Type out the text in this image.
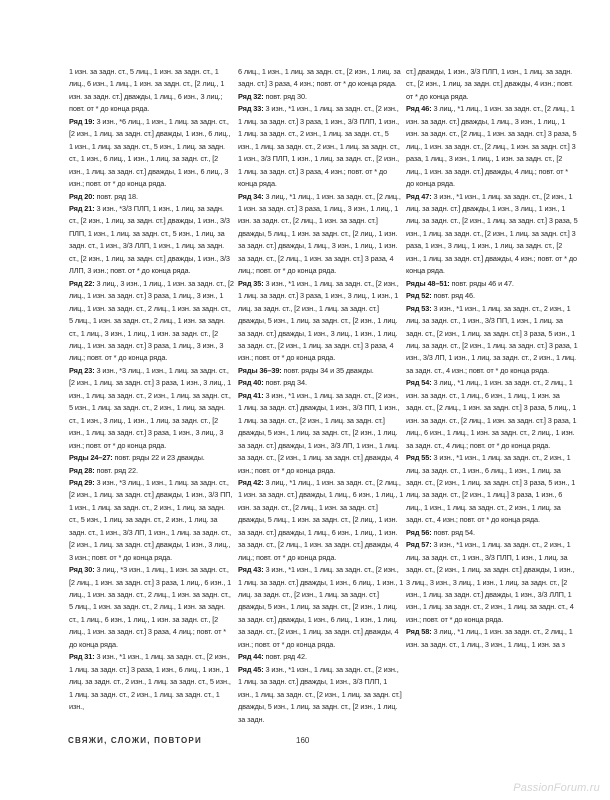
1 изн. за задн. ст., 5 лиц., 1 изн. за задн. ст., 1 лиц., 6 изн., 1 лиц., 1 изн. за задн. ст., [2 лиц., 1 изн. за задн. ст.] дважды, 1 лиц., 6 изн., 3 лиц.; повт. от * до конца ряда.

Ряд 19: 3 изн., *6 лиц., 1 изн., 1 лиц. за задн. ст., [2 изн., 1 лиц. за задн. ст.] дважды, 1 изн., 6 лиц., 1 изн., 1 лиц. за задн. ст., 5 изн., 1 лиц. за задн. ст., 1 изн., 6 лиц., 1 изн., 1 лиц. за задн. ст., [2 изн., 1 лиц. за задн. ст.] дважды, 1 изн., 6 лиц., 3 изн.; повт. от * до конца ряда.

Ряд 20: повт. ряд 18.

Ряд 21: 3 изн., *3/3 ПЛП, 1 изн., 1 лиц. за задн. ст., [2 изн., 1 лиц. за задн. ст.] дважды, 1 изн., 3/3 ПЛП, 1 изн., 1 лиц. за задн. ст., 5 изн., 1 лиц. за задн. ст., 1 изн., 3/3 ЛЛП, 1 изн., 1 лиц. за задн. ст., [2 изн., 1 лиц. за задн. ст.] дважды, 1 изн., 3/3 ЛЛП, 3 изн.; повт. от * до конца ряда.

Ряд 22: 3 лиц., 3 изн., 1 лиц., 1 изн. за задн. ст., [2 лиц., 1 изн. за задн. ст.] 3 раза, 1 лиц., 3 изн., 1 лиц., 1 изн. за задн. ст., 2 лиц., 1 изн. за задн. ст., 5 лиц., 1 изн. за задн. ст., 2 лиц., 1 изн. за задн. ст., 1 лиц., 3 изн., 1 лиц., 1 изн. за задн. ст., [2 лиц., 1 изн. за задн. ст.] 3 раза, 1 лиц., 3 изн., 3 лиц.; повт. от * до конца ряда.

Ряд 23: 3 изн., *3 лиц., 1 изн., 1 лиц. за задн. ст., [2 изн., 1 лиц. за задн. ст.] 3 раза, 1 изн., 3 лиц., 1 изн., 1 лиц. за задн. ст., 2 изн., 1 лиц. за задн. ст., 5 изн., 1 лиц. за задн. ст., 2 изн., 1 лиц. за задн. ст., 1 изн., 3 лиц., 1 изн., 1 лиц. за задн. ст., [2 изн., 1 лиц. за задн. ст.] 3 раза, 1 изн., 3 лиц., 3 изн.; повт. от * до конца ряда.

Ряды 24–27: повт. ряды 22 и 23 дважды.

Ряд 28: повт. ряд 22.

Ряд 29: 3 изн., *3 лиц., 1 изн., 1 лиц. за задн. ст., [2 изн., 1 лиц. за задн. ст.] дважды, 1 изн., 3/3 ПП, 1 изн., 1 лиц. за задн. ст., 2 изн., 1 лиц. за задн. ст., 5 изн., 1 лиц. за задн. ст., 2 изн., 1 лиц. за задн. ст., 1 изн., 3/3 ЛП, 1 изн., 1 лиц. за задн. ст., [2 изн., 1 лиц. за задн. ст.] дважды, 1 изн., 3 лиц., 3 изн.; повт. от * до конца ряда.

Ряд 30: 3 лиц., *3 изн., 1 лиц., 1 изн. за задн. ст., [2 лиц., 1 изн. за задн. ст.] 3 раза, 1 лиц., 6 изн., 1 лиц., 1 изн. за задн. ст., 2 лиц., 1 изн. за задн. ст., 5 лиц., 1 изн. за задн. ст., 2 лиц., 1 изн. за задн. ст., 1 лиц., 6 изн., 1 лиц., 1 изн. за задн. ст., [2 лиц., 1 изн. за задн. ст.] 3 раза, 4 лиц.; повт. от * до конца ряда.

Ряд 31: 3 изн., *1 изн., 1 лиц. за задн. ст., [2 изн., 1 лиц. за задн. ст.] 3 раза, 1 изн., 6 лиц., 1 изн., 1 лиц. за задн. ст., 2 изн., 1 лиц. за задн. ст., 5 изн., 1 лиц. за задн. ст., 2 изн., 1 лиц. за задн. ст., 1 изн.,

6 лиц., 1 изн., 1 лиц. за задн. ст., [2 изн., 1 лиц. за задн. ст.] 3 раза, 4 изн.; повт. от * до конца ряда.

Ряд 32: повт. ряд 30.

Ряд 33: 3 изн., *1 изн., 1 лиц. за задн. ст., [2 изн., 1 лиц. за задн. ст.] 3 раза, 1 изн., 3/3 ПЛП, 1 изн., 1 лиц. за задн. ст., 2 изн., 1 лиц. за задн. ст., 5 изн., 1 лиц. за задн. ст., 2 изн., 1 лиц. за задн. ст., 1 изн., 3/3 ПЛП, 1 изн., 1 лиц. за задн. ст., [2 изн., 1 лиц. за задн. ст.] 3 раза, 4 изн.; повт. от * до конца ряда.

Ряд 34: 3 лиц., *1 лиц., 1 изн. за задн. ст., [2 лиц., 1 изн. за задн. ст.] 3 раза, 1 лиц., 3 изн., 1 лиц., 1 изн. за задн. ст., [2 лиц., 1 изн. за задн. ст.] дважды, 5 лиц., 1 изн. за задн. ст., [2 лиц., 1 изн. за задн. ст.] дважды, 1 лиц., 3 изн., 1 лиц., 1 изн. за задн. ст., [2 лиц., 1 изн. за задн. ст.] 3 раза, 4 лиц.; повт. от * до конца ряда.

Ряд 35: 3 изн., *1 изн., 1 лиц. за задн. ст., [2 изн., 1 лиц. за задн. ст.] 3 раза, 1 изн., 3 лиц., 1 изн., 1 лиц. за задн. ст., [2 изн., 1 лиц. за задн. ст.] дважды, 5 изн., 1 лиц. за задн. ст., [2 изн., 1 лиц. за задн. ст.] дважды, 1 изн., 3 лиц., 1 изн., 1 лиц. за задн. ст., [2 изн., 1 лиц. за задн. ст.] 3 раза, 4 изн.; повт. от * до конца ряда.

Ряды 36–39: повт. ряды 34 и 35 дважды.

Ряд 40: повт. ряд 34.

Ряд 41: 3 изн., *1 изн., 1 лиц. за задн. ст., [2 изн., 1 лиц. за задн. ст.] дважды, 1 изн., 3/3 ПП, 1 изн., 1 лиц. за задн. ст., [2 изн., 1 лиц. за задн. ст.] дважды, 5 изн., 1 лиц. за задн. ст., [2 изн., 1 лиц. за задн. ст.] дважды, 1 изн., 3/3 ЛП, 1 изн., 1 лиц. за задн. ст., [2 изн., 1 лиц. за задн. ст.] дважды, 4 изн.; повт. от * до конца ряда.

Ряд 42: 3 лиц., *1 лиц., 1 изн. за задн. ст., [2 лиц., 1 изн. за задн. ст.] дважды, 1 лиц., 6 изн., 1 лиц., 1 изн. за задн. ст., [2 лиц., 1 изн. за задн. ст.] дважды, 5 лиц., 1 изн. за задн. ст., [2 лиц., 1 изн. за задн. ст.] дважды, 1 лиц., 6 изн., 1 лиц., 1 изн. за задн. ст., [2 лиц., 1 изн. за задн. ст.] дважды, 4 лиц.; повт. от * до конца ряда.

Ряд 43: 3 изн., *1 изн., 1 лиц. за задн. ст., [2 изн., 1 лиц. за задн. ст.] дважды, 1 изн., 6 лиц., 1 изн., 1 лиц. за задн. ст., [2 изн., 1 лиц. за задн. ст.] дважды, 5 изн., 1 лиц. за задн. ст., [2 изн., 1 лиц. за задн. ст.] дважды, 1 изн., 6 лиц., 1 изн., 1 лиц. за задн. ст., [2 изн., 1 лиц. за задн. ст.] дважды, 4 изн.; повт. от * до конца ряда.

Ряд 44: повт. ряд 42.

Ряд 45: 3 изн., *1 изн., 1 лиц. за задн. ст., [2 изн., 1 лиц. за задн. ст.] дважды, 1 изн., 3/3 ПЛП, 1 изн., 1 лиц. за задн. ст., [2 изн., 1 лиц. за задн. ст.] дважды, 5 изн., 1 лиц. за задн. ст., [2 изн., 1 лиц. за задн.

ст.] дважды, 1 изн., 3/3 ПЛП, 1 изн., 1 лиц. за задн. ст., [2 изн., 1 лиц. за задн. ст.] дважды, 4 изн.; повт. от * до конца ряда.

Ряд 46: 3 лиц., *1 лиц., 1 изн. за задн. ст., [2 лиц., 1 изн. за задн. ст.] дважды, 1 лиц., 3 изн., 1 лиц., 1 изн. за задн. ст., [2 лиц., 1 изн. за задн. ст.] 3 раза, 5 лиц., 1 изн. за задн. ст., [2 лиц., 1 изн. за задн. ст.] 3 раза, 1 лиц., 3 изн., 1 лиц., 1 изн. за задн. ст., [2 лиц., 1 изн. за задн. ст.] дважды, 4 лиц.; повт. от * до конца ряда.

Ряд 47: 3 изн., *1 изн., 1 лиц. за задн. ст., [2 изн., 1 лиц. за задн. ст.] дважды, 1 изн., 3 лиц., 1 изн., 1 лиц. за задн. ст., [2 изн., 1 лиц. за задн. ст.] 3 раза, 5 изн., 1 лиц. за задн. ст., [2 изн., 1 лиц. за задн. ст.] 3 раза, 1 изн., 3 лиц., 1 изн., 1 лиц. за задн. ст., [2 изн., 1 лиц. за задн. ст.] дважды, 4 изн.; повт. от * до конца ряда.

Ряды 48–51: повт. ряды 46 и 47.

Ряд 52: повт. ряд 46.

Ряд 53: 3 изн., *1 изн., 1 лиц. за задн. ст., 2 изн., 1 лиц. за задн. ст., 1 изн., 3/3 ПП, 1 изн., 1 лиц. за задн. ст., [2 изн., 1 лиц. за задн. ст.] 3 раза, 5 изн., 1 лиц. за задн. ст., [2 изн., 1 лиц. за задн. ст.] 3 раза, 1 изн., 3/3 ЛП, 1 изн., 1 лиц. за задн. ст., 2 изн., 1 лиц. за задн. ст., 4 изн.; повт. от * до конца ряда.

Ряд 54: 3 лиц., *1 лиц., 1 изн. за задн. ст., 2 лиц., 1 изн. за задн. ст., 1 лиц., 6 изн., 1 лиц., 1 изн. за задн. ст., [2 лиц., 1 изн. за задн. ст.] 3 раза, 5 лиц., 1 изн. за задн. ст., [2 лиц., 1 изн. за задн. ст.] 3 раза, 1 лиц., 6 изн., 1 лиц., 1 изн. за задн. ст., 2 лиц., 1 изн. за задн. ст., 4 лиц.; повт. от * до конца ряда.

Ряд 55: 3 изн., *1 изн., 1 лиц. за задн. ст., 2 изн., 1 лиц. за задн. ст., 1 изн., 6 лиц., 1 изн., 1 лиц. за задн. ст., [2 изн., 1 лиц. за задн. ст.] 3 раза, 5 изн., 1 лиц. за задн. ст., [2 изн., 1 лиц.] 3 раза, 1 изн., 6 лиц., 1 изн., 1 лиц. за задн. ст., 2 изн., 1 лиц. за задн. ст., 4 изн.; повт. от * до конца ряда.

Ряд 56: повт. ряд 54.

Ряд 57: 3 изн., *1 изн., 1 лиц. за задн. ст., 2 изн., 1 лиц. за задн. ст., 1 изн., 3/3 ПЛП, 1 изн., 1 лиц. за задн. ст., [2 изн., 1 лиц. за задн. ст.] дважды, 1 изн., 3 лиц., 3 изн., 3 лиц., 1 изн., 1 лиц. за задн. ст., [2 изн., 1 лиц. за задн. ст.] дважды, 1 изн., 3/3 ЛЛП, 1 изн., 1 лиц. за задн. ст., 2 изн., 1 лиц. за задн. ст., 4 изн.; повт. от * до конца ряда.

Ряд 58: 3 лиц., *1 лиц., 1 изн. за задн. ст., 2 лиц., 1 изн. за задн. ст., 1 лиц., 3 изн., 1 лиц., 1 изн. за з

СВЯЖИ, СЛОЖИ, ПОВТОРИ	160
PassionForum.ru
